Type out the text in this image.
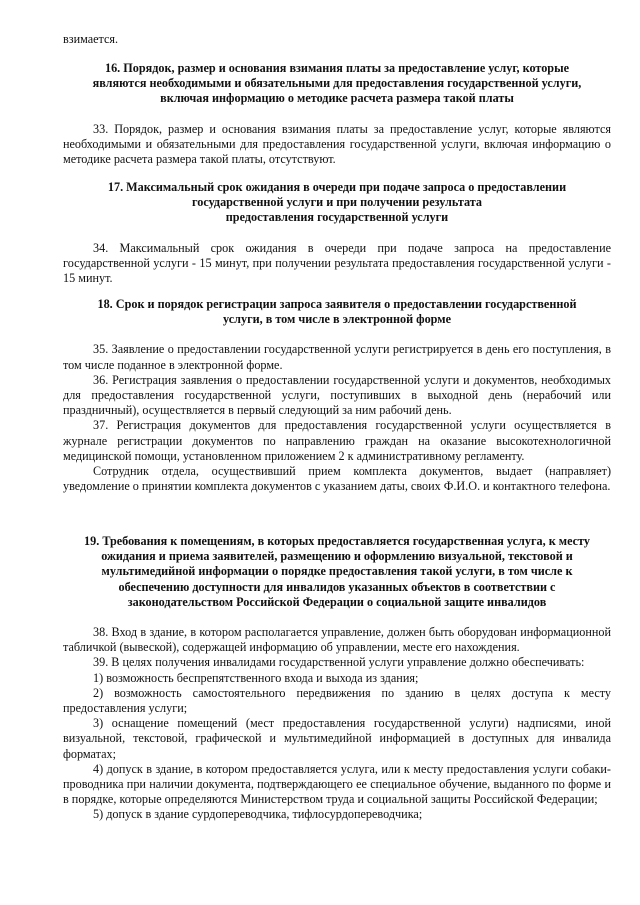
взимается.

16. Порядок, размер и основания взимания платы за предоставление услуг, которые
являются необходимыми и обязательными для предоставления государственной услуги,
включая информацию о методике расчета размера такой платы

33. Порядок, размер и основания взимания платы за предоставление услуг, которые являются необходимыми и обязательными для предоставления государственной услуги, включая информацию о методике расчета размера такой платы, отсутствуют.

17. Максимальный срок ожидания в очереди при подаче запроса о предоставлении
государственной услуги и при получении результата
предоставления государственной услуги

34. Максимальный срок ожидания в очереди при подаче запроса на предоставление государственной услуги - 15 минут, при получении результата предоставления государственной услуги - 15 минут.

18. Срок и порядок регистрации запроса заявителя о предоставлении государственной
услуги, в том числе в электронной форме

35. Заявление о предоставлении государственной услуги регистрируется в день его поступления, в том числе поданное в электронной форме.

36. Регистрация заявления о предоставлении государственной услуги и документов, необходимых для предоставления государственной услуги, поступивших в выходной день (нерабочий или праздничный), осуществляется в первый следующий за ним рабочий день.

37. Регистрация документов для предоставления государственной услуги осуществляется в журнале регистрации документов по направлению граждан на оказание высокотехнологичной медицинской помощи, установленном приложением 2 к административному регламенту.

Сотрудник отдела, осуществивший прием комплекта документов, выдает (направляет) уведомление о принятии комплекта документов с указанием даты, своих Ф.И.О. и контактного телефона.

19. Требования к помещениям, в которых предоставляется государственная услуга, к месту
ожидания и приема заявителей, размещению и оформлению визуальной, текстовой и
мультимедийной информации о порядке предоставления такой услуги, в том числе к
обеспечению доступности для инвалидов указанных объектов в соответствии с
законодательством Российской Федерации о социальной защите инвалидов

38. Вход в здание, в котором располагается управление, должен быть оборудован информационной табличкой (вывеской), содержащей информацию об управлении, месте его нахождения.

39. В целях получения инвалидами государственной услуги управление должно обеспечивать:

1) возможность беспрепятственного входа и выхода из здания;

2) возможность самостоятельного передвижения по зданию в целях доступа к месту предоставления услуги;

3) оснащение помещений (мест предоставления государственной услуги) надписями, иной визуальной, текстовой, графической и мультимедийной информацией в доступных для инвалида форматах;

4) допуск в здание, в котором предоставляется услуга, или к месту предоставления услуги собаки-проводника при наличии документа, подтверждающего ее специальное обучение, выданного по форме и в порядке, которые определяются Министерством труда и социальной защиты Российской Федерации;

5) допуск в здание сурдопереводчика, тифлосурдопереводчика;
